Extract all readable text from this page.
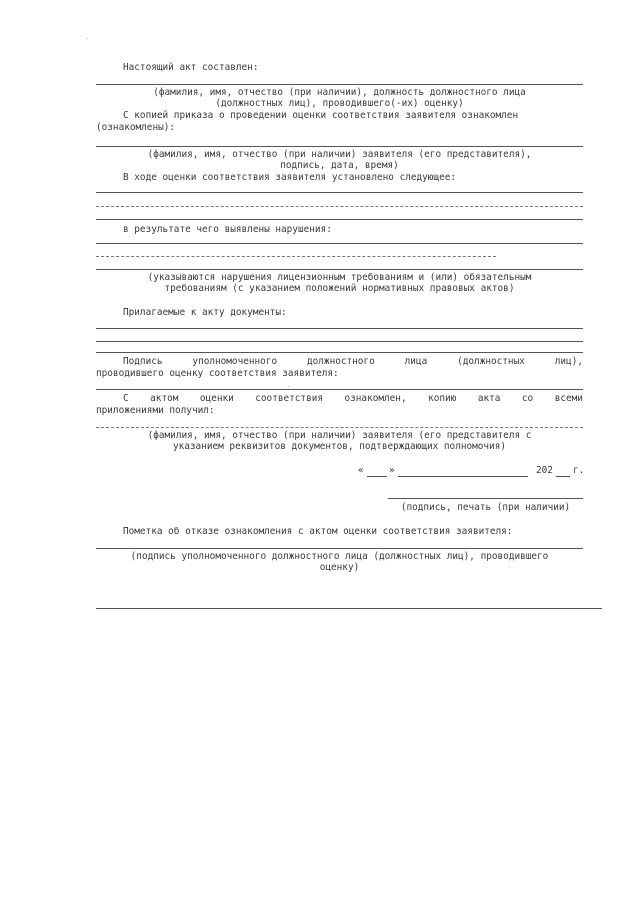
Настоящий акт составлен:
(фамилия, имя, отчество (при наличии), должность должностного лица
(должностных лиц), проводившего(-их) оценку)
С копией приказа о проведении оценки соответствия заявителя ознакомлен
(ознакомлены):
(фамилия, имя, отчество (при наличии) заявителя (его представителя),
подпись, дата, время)
В ходе оценки соответствия заявителя установлено следующее:
в результате чего выявлены нарушения:
(указываются нарушения лицензионным требованиям и (или) обязательным
требованиям (с указанием положений нормативных правовых актов)
Прилагаемые к акту документы:
Подпись	уполномоченного	должностного	лица	(должностных	лиц),
проводившего оценку соответствия заявителя:
С актом оценки соответствия ознакомлен, копию акта со всеми
приложениями получил:
(фамилия, имя, отчество (при наличии) заявителя (его представителя с
указанием реквизитов документов, подтверждающих полномочия)
«	»	202 г.
(подпись, печать (при наличии)
Пометка об отказе ознакомления с актом оценки соответствия заявителя:
(подпись уполномоченного должностного лица (должностных лиц), проводившего
оценку)
